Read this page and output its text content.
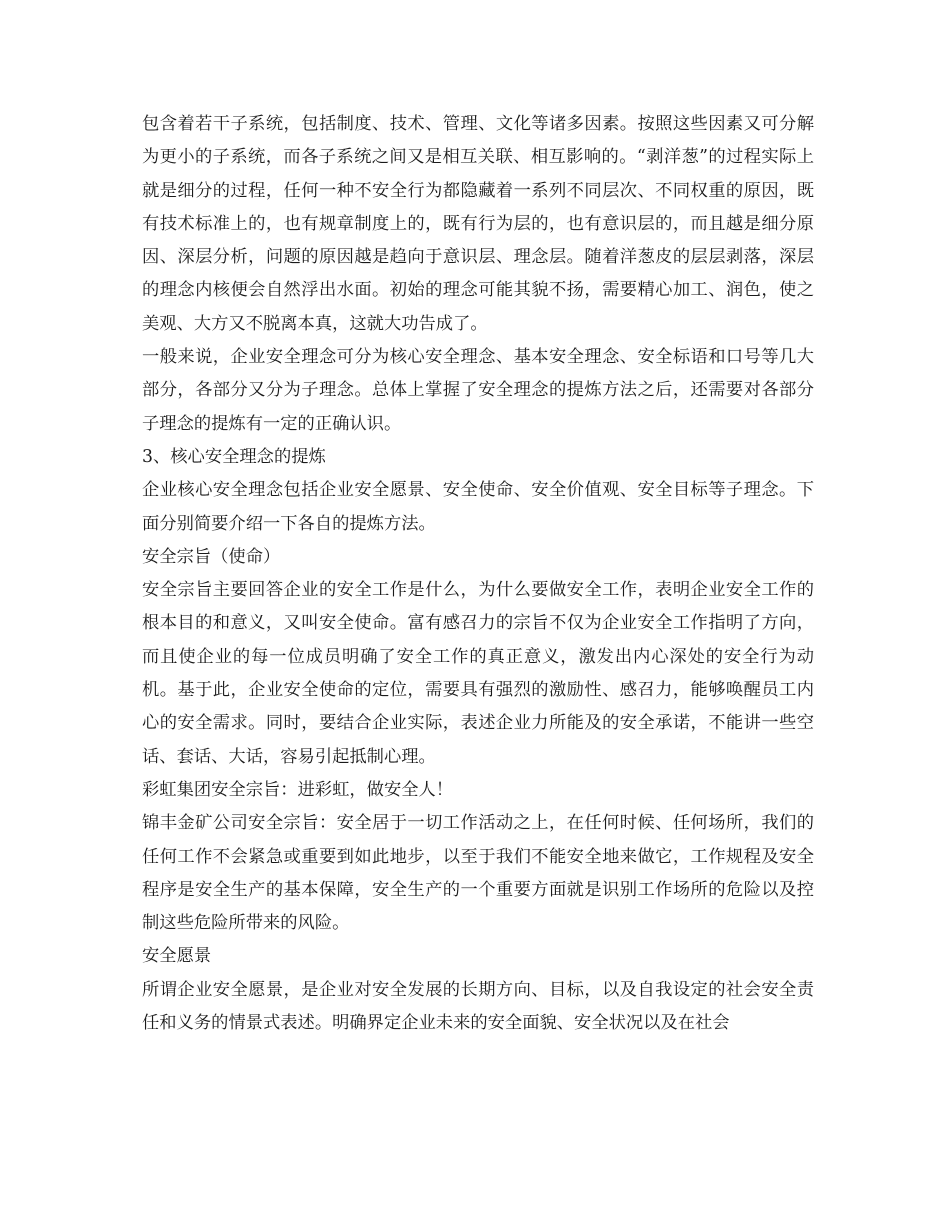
包含着若干子系统，包括制度、技术、管理、文化等诸多因素。按照这些因素又可分解为更小的子系统，而各子系统之间又是相互关联、相互影响的。“剥洋葱”的过程实际上就是细分的过程，任何一种不安全行为都隐藏着一系列不同层次、不同权重的原因，既有技术标准上的，也有规章制度上的，既有行为层的，也有意识层的，而且越是细分原因、深层分析，问题的原因越是趋向于意识层、理念层。随着洋葱皮的层层剥落，深层的理念内核便会自然浮出水面。初始的理念可能其貌不扬，需要精心加工、润色，使之美观、大方又不脱离本真，这就大功告成了。

一般来说，企业安全理念可分为核心安全理念、基本安全理念、安全标语和口号等几大部分，各部分又分为子理念。总体上掌握了安全理念的提炼方法之后，还需要对各部分子理念的提炼有一定的正确认识。

3、核心安全理念的提炼

企业核心安全理念包括企业安全愿景、安全使命、安全价值观、安全目标等子理念。下面分别简要介绍一下各自的提炼方法。

安全宗旨（使命）

安全宗旨主要回答企业的安全工作是什么，为什么要做安全工作，表明企业安全工作的根本目的和意义，又叫安全使命。富有感召力的宗旨不仅为企业安全工作指明了方向，而且使企业的每一位成员明确了安全工作的真正意义，激发出内心深处的安全行为动机。基于此，企业安全使命的定位，需要具有强烈的激励性、感召力，能够唤醒员工内心的安全需求。同时，要结合企业实际，表述企业力所能及的安全承诺，不能讲一些空话、套话、大话，容易引起抵制心理。

彩虹集团安全宗旨：进彩虹，做安全人！

锦丰金矿公司安全宗旨：安全居于一切工作活动之上，在任何时候、任何场所，我们的任何工作不会紧急或重要到如此地步，以至于我们不能安全地来做它，工作规程及安全程序是安全生产的基本保障，安全生产的一个重要方面就是识别工作场所的危险以及控制这些危险所带来的风险。

安全愿景

所谓企业安全愿景，是企业对安全发展的长期方向、目标，以及自我设定的社会安全责任和义务的情景式表述。明确界定企业未来的安全面貌、安全状况以及在社会
